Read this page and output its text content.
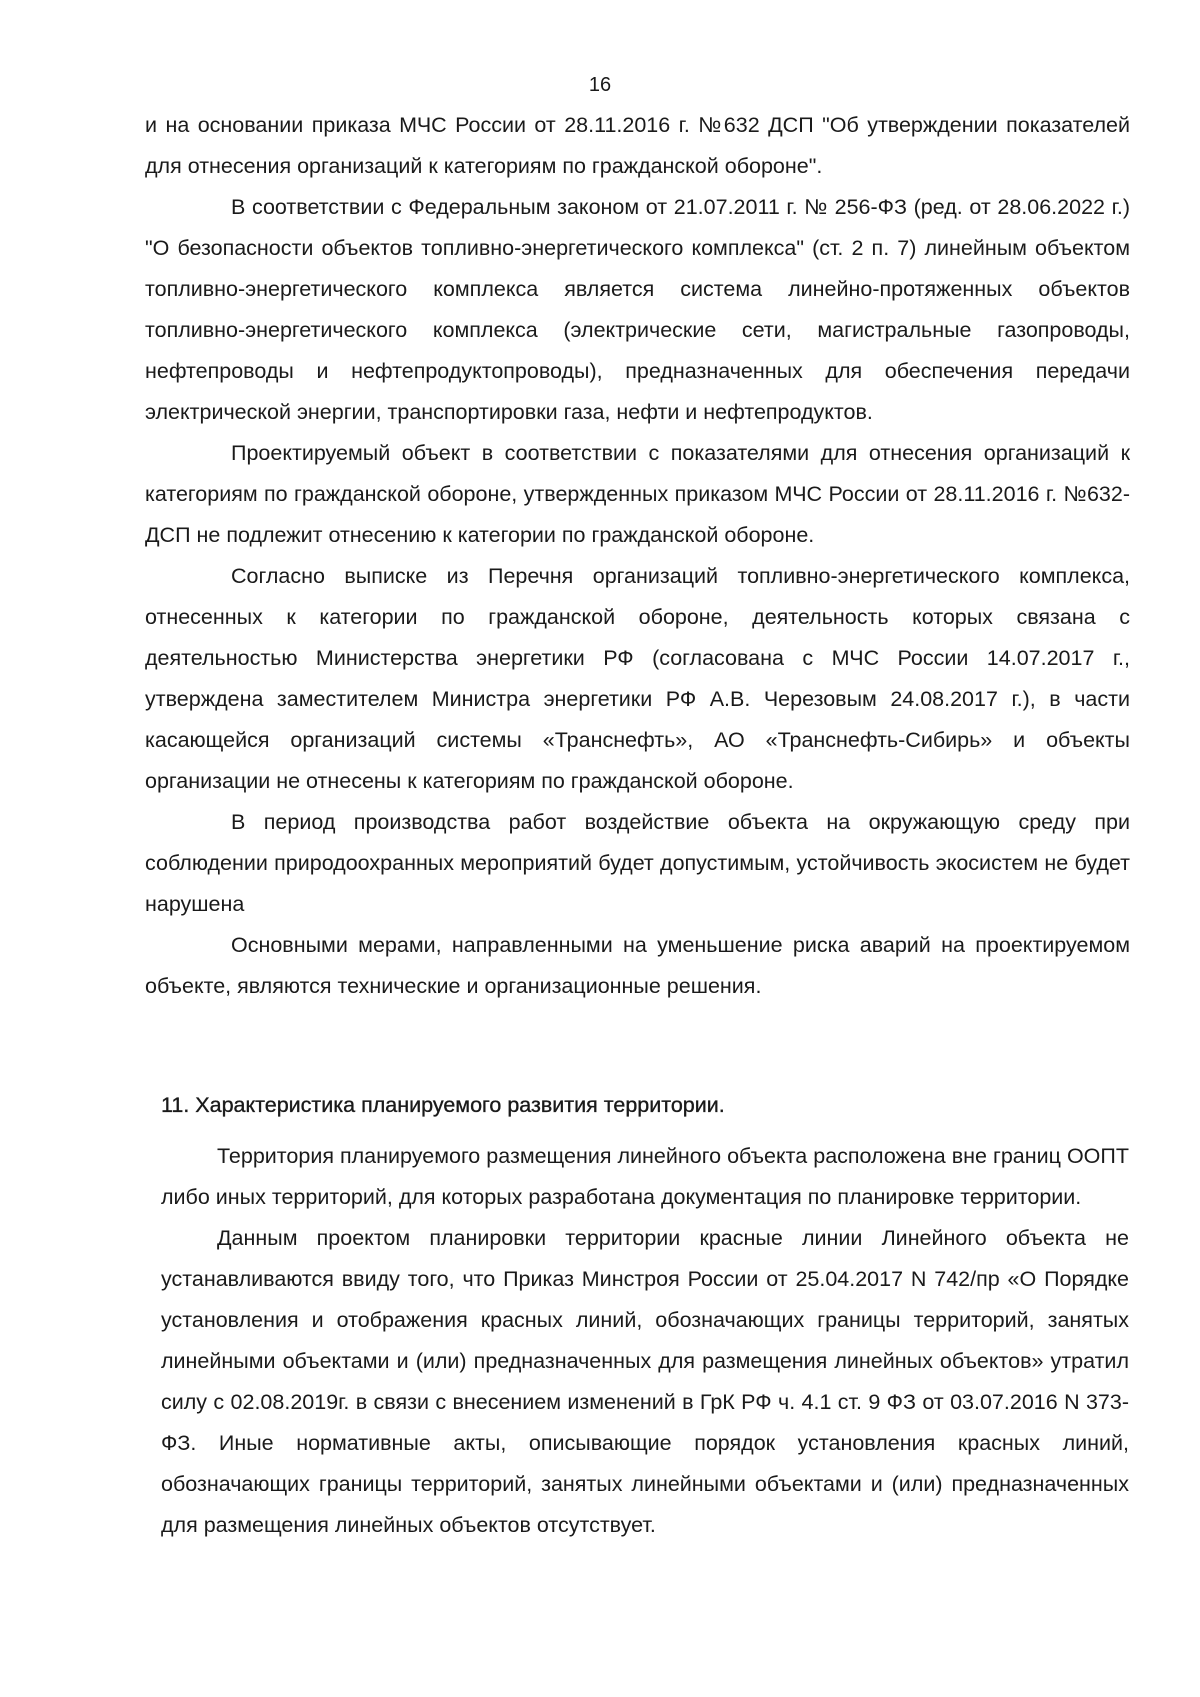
16

и на основании приказа МЧС России от 28.11.2016 г. №632 ДСП "Об утверждении показателей для отнесения организаций к категориям по гражданской обороне".

В соответствии с Федеральным законом от 21.07.2011 г. № 256-ФЗ (ред. от 28.06.2022 г.) "О безопасности объектов топливно-энергетического комплекса" (ст. 2 п. 7) линейным объектом топливно-энергетического комплекса является система линейно-протяженных объектов топливно-энергетического комплекса (электрические сети, магистральные газопроводы, нефтепроводы и нефтепродуктопроводы), предназначенных для обеспечения передачи электрической энергии, транспортировки газа, нефти и нефтепродуктов.

Проектируемый объект в соответствии с показателями для отнесения организаций к категориям по гражданской обороне, утвержденных приказом МЧС России от 28.11.2016 г. №632-ДСП не подлежит отнесению к категории по гражданской обороне.

Согласно выписке из Перечня организаций топливно-энергетического комплекса, отнесенных к категории по гражданской обороне, деятельность которых связана с деятельностью Министерства энергетики РФ (согласована с МЧС России 14.07.2017 г., утверждена заместителем Министра энергетики РФ А.В. Черезовым 24.08.2017 г.), в части касающейся организаций системы «Транснефть», АО «Транснефть-Сибирь» и объекты организации не отнесены к категориям по гражданской обороне.

В период производства работ воздействие объекта на окружающую среду при соблюдении природоохранных мероприятий будет допустимым, устойчивость экосистем не будет нарушена

Основными мерами, направленными на уменьшение риска аварий на проектируемом объекте, являются технические и организационные решения.

11. Характеристика планируемого развития территории.

Территория планируемого размещения линейного объекта расположена вне границ ООПТ либо иных территорий, для которых разработана документация по планировке территории.

Данным проектом планировки территории красные линии Линейного объекта не устанавливаются ввиду того, что Приказ Минстроя России от 25.04.2017 N 742/пр «О Порядке установления и отображения красных линий, обозначающих границы территорий, занятых линейными объектами и (или) предназначенных для размещения линейных объектов» утратил силу с 02.08.2019г. в связи с внесением изменений в ГрК РФ ч. 4.1 ст. 9 ФЗ от 03.07.2016 N 373-ФЗ. Иные нормативные акты, описывающие порядок установления красных линий, обозначающих границы территорий, занятых линейными объектами и (или) предназначенных для размещения линейных объектов отсутствует.
